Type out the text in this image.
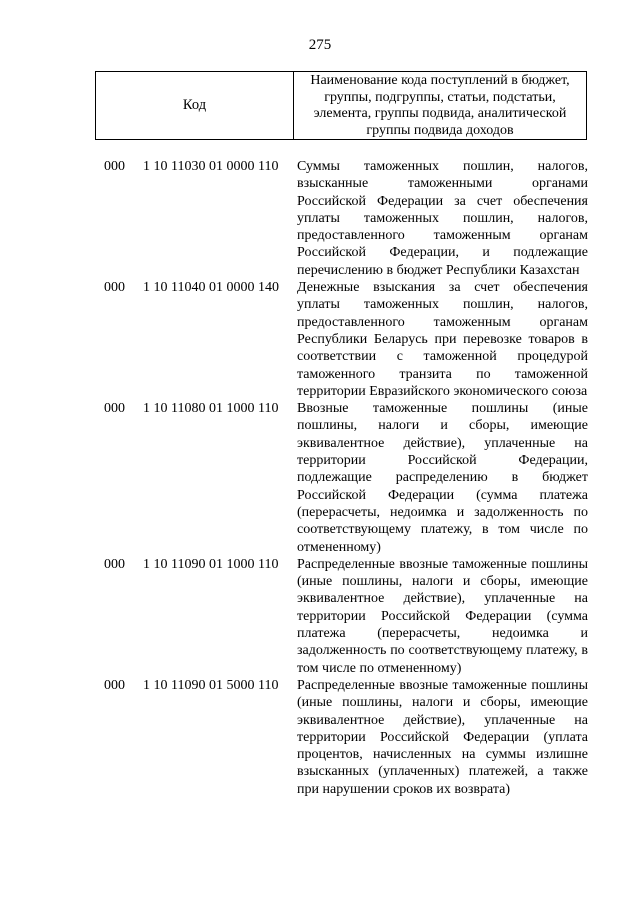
275
Код
Наименование кода поступлений в бюджет, группы, подгруппы, статьи, подстатьи, элемента, группы подвида, аналитической группы подвида доходов
000 1 10 11030 01 0000 110 Суммы таможенных пошлин, налогов, взысканные таможенными органами Российской Федерации за счет обеспечения уплаты таможенных пошлин, налогов, предоставленного таможенным органам Российской Федерации, и подлежащие перечислению в бюджет Республики Казахстан
000 1 10 11040 01 0000 140 Денежные взыскания за счет обеспечения уплаты таможенных пошлин, налогов, предоставленного таможенным органам Республики Беларусь при перевозке товаров в соответствии с таможенной процедурой таможенного транзита по таможенной территории Евразийского экономического союза
000 1 10 11080 01 1000 110 Ввозные таможенные пошлины (иные пошлины, налоги и сборы, имеющие эквивалентное действие), уплаченные на территории Российской Федерации, подлежащие распределению в бюджет Российской Федерации (сумма платежа (перерасчеты, недоимка и задолженность по соответствующему платежу, в том числе по отмененному)
000 1 10 11090 01 1000 110 Распределенные ввозные таможенные пошлины (иные пошлины, налоги и сборы, имеющие эквивалентное действие), уплаченные на территории Российской Федерации (сумма платежа (перерасчеты, недоимка и задолженность по соответствующему платежу, в том числе по отмененному)
000 1 10 11090 01 5000 110 Распределенные ввозные таможенные пошлины (иные пошлины, налоги и сборы, имеющие эквивалентное действие), уплаченные на территории Российской Федерации (уплата процентов, начисленных на суммы излишне взысканных (уплаченных) платежей, а также при нарушении сроков их возврата)
